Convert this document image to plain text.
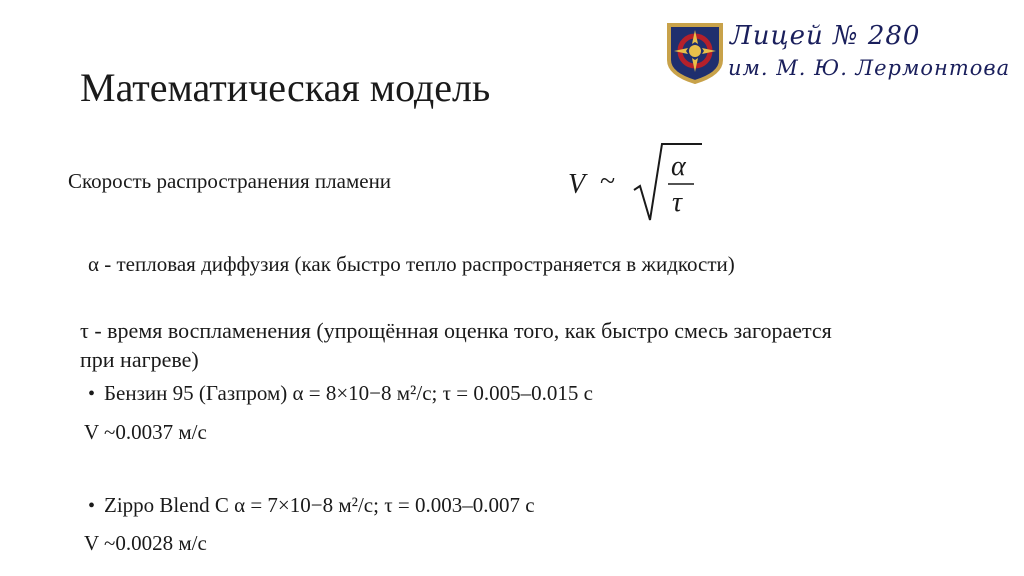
Лицей № 280
им. М. Ю. Лермонтова
Математическая модель
Скорость распространения пламени	V ~ α
τ
α - тепловая диффузия (как быстро тепло распространяется в жидкости)
τ - время воспламенения (упрощённая оценка того, как быстро смесь загорается при нагреве)
• Бензин 95 (Газпром) α = 8×10−8 м²/с; τ = 0.005–0.015 с
V ~0.0037 м/с
• Zippo Blend C α = 7×10−8 м²/с; τ = 0.003–0.007 с
V ~0.0028 м/с
